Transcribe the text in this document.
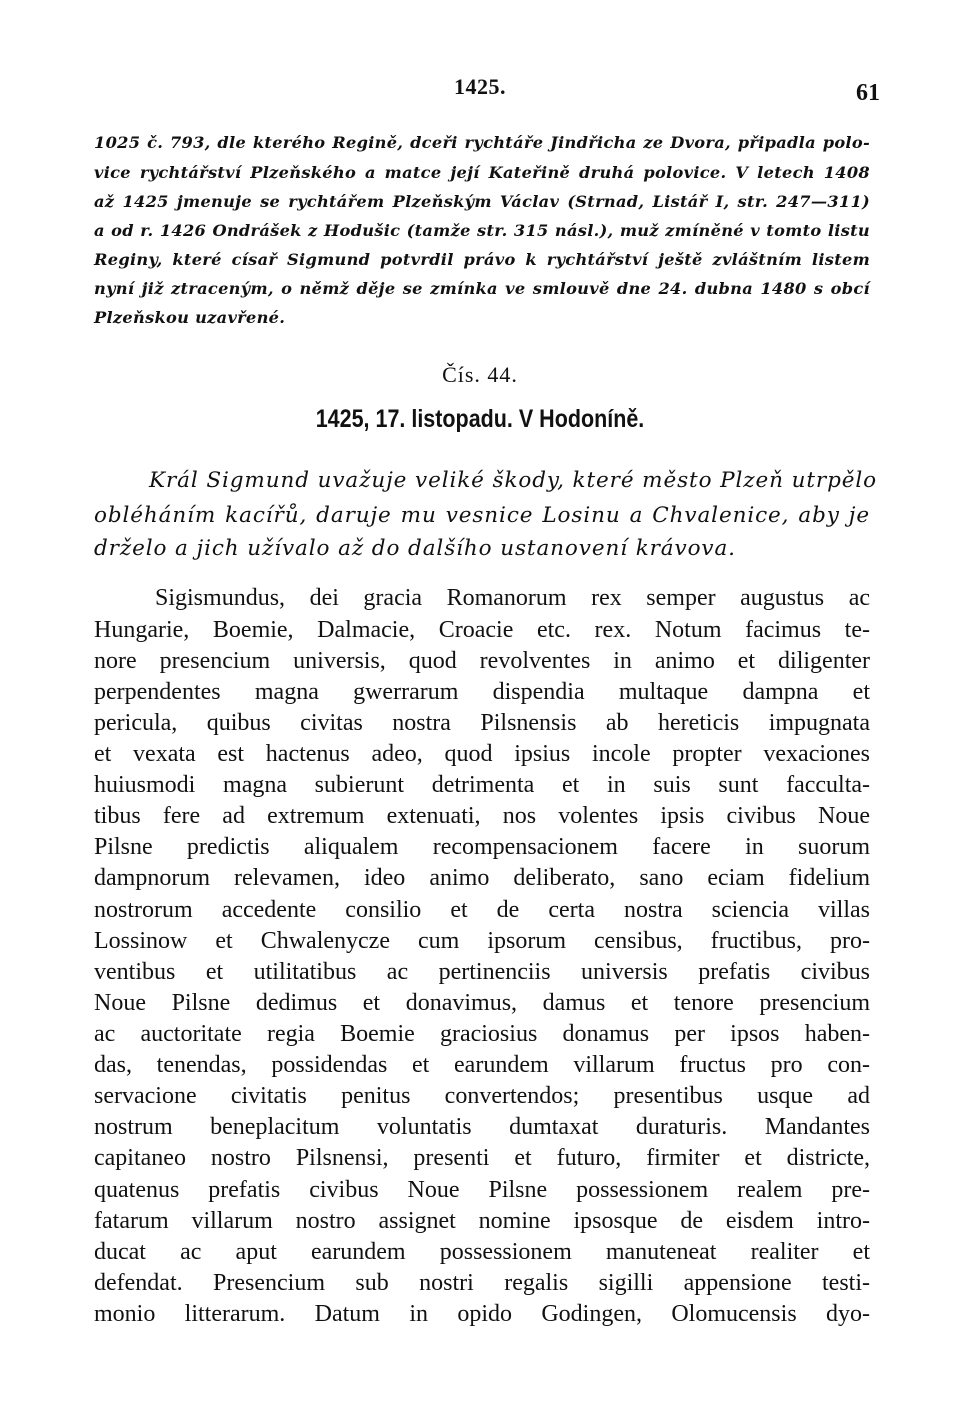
1425.	61
1025 č. 793, dle kterého Regině, dceři rychtáře Jindřicha ze Dvora, připadla polo-
vice rychtářství Plzeňského a matce její Kateřině druhá polovice. V letech 1408
až 1425 jmenuje se rychtářem Plzeňským Václav (Strnad, Listář I, str. 247—311)
a od r. 1426 Ondrášek z Hodušic (tamže str. 315 násl.), muž zmíněné v tomto listu
Reginy, které císař Sigmund potvrdil právo k rychtářství ještě zvláštním listem
nyní již ztraceným, o němž děje se zmínka ve smlouvě dne 24. dubna 1480 s obcí
Plzeňskou uzavřené.
Čís. 44.
1425, 17. listopadu. V Hodoníně.
Král Sigmund uvažuje veliké škody, které město Plzeň utrpělo
obléháním kacířů, daruje mu vesnice Losinu a Chvalenice, aby je
drželo a jich užívalo až do dalšího ustanovení krávova.
Sigismundus, dei gracia Romanorum rex semper augustus ac
Hungarie, Boemie, Dalmacie, Croacie etc. rex. Notum facimus te-
nore presencium universis, quod revolventes in animo et diligenter
perpendentes magna gwerrarum dispendia multaque dampna et
pericula, quibus civitas nostra Pilsnensis ab hereticis impugnata
et vexata est hactenus adeo, quod ipsius incole propter vexaciones
huiusmodi magna subierunt detrimenta et in suis sunt facculta-
tibus fere ad extremum extenuati, nos volentes ipsis civibus Noue
Pilsne predictis aliqualem recompensacionem facere in suorum
dampnorum relevamen, ideo animo deliberato, sano eciam fidelium
nostrorum accedente consilio et de certa nostra sciencia villas
Lossinow et Chwalenycze cum ipsorum censibus, fructibus, pro-
ventibus et utilitatibus ac pertinenciis universis prefatis civibus
Noue Pilsne dedimus et donavimus, damus et tenore presencium
ac auctoritate regia Boemie graciosius donamus per ipsos haben-
das, tenendas, possidendas et earundem villarum fructus pro con-
servacione civitatis penitus convertendos; presentibus usque ad
nostrum beneplacitum voluntatis dumtaxat duraturis. Mandantes
capitaneo nostro Pilsnensi, presenti et futuro, firmiter et districte,
quatenus prefatis civibus Noue Pilsne possessionem realem pre-
fatarum villarum nostro assignet nomine ipsosque de eisdem intro-
ducat ac aput earundem possessionem manuteneat realiter et
defendat. Presencium sub nostri regalis sigilli appensione testi-
monio litterarum. Datum in opido Godingen, Olomucensis dyo-
